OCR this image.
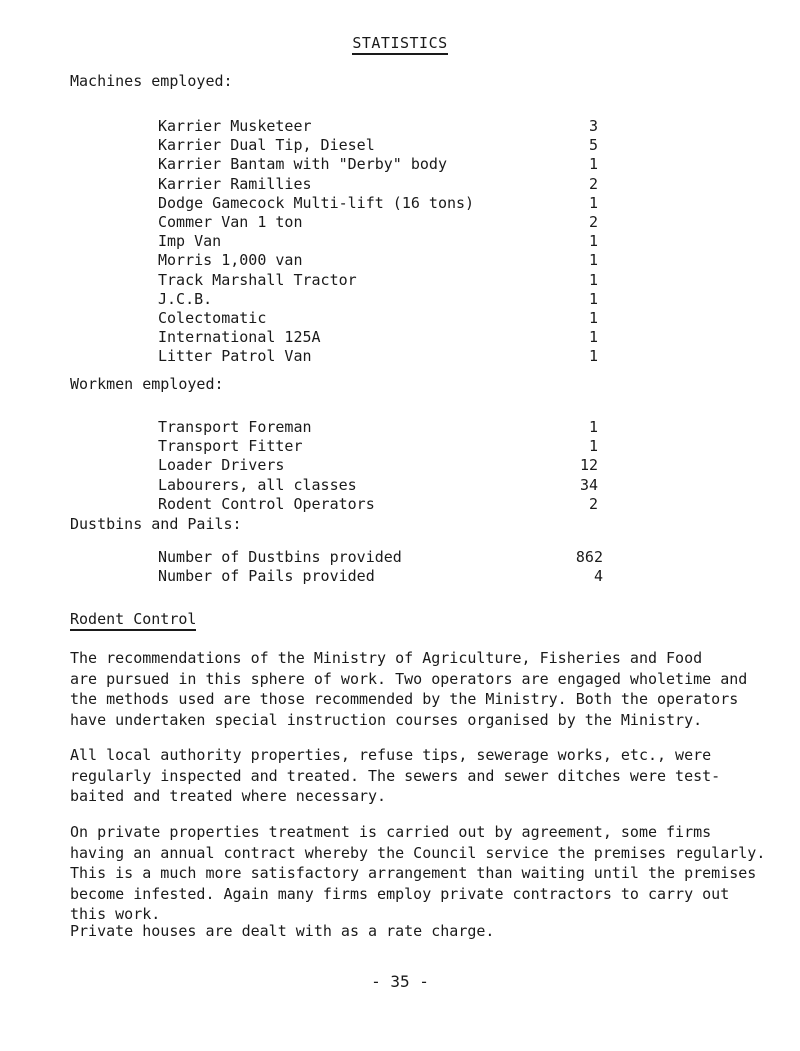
STATISTICS
Machines employed:
Karrier Musketeer	3
Karrier Dual Tip, Diesel	5
Karrier Bantam with "Derby" body	1
Karrier Ramillies	2
Dodge Gamecock Multi-lift (16 tons)	1
Commer Van 1 ton	2
Imp Van	1
Morris 1,000 van	1
Track Marshall Tractor	1
J.C.B.	1
Colectomatic	1
International 125A	1
Litter Patrol Van	1
Workmen employed:
Transport Foreman	1
Transport Fitter	1
Loader Drivers	12
Labourers, all classes	34
Rodent Control Operators	2
Dustbins and Pails:
Number of Dustbins provided	862
Number of Pails provided	4
Rodent Control

The recommendations of the Ministry of Agriculture, Fisheries and Food
are pursued in this sphere of work. Two operators are engaged wholetime and
the methods used are those recommended by the Ministry. Both the operators
have undertaken special instruction courses organised by the Ministry.

All local authority properties, refuse tips, sewerage works, etc., were
regularly inspected and treated. The sewers and sewer ditches were test-
baited and treated where necessary.

On private properties treatment is carried out by agreement, some firms
having an annual contract whereby the Council service the premises regularly.
This is a much more satisfactory arrangement than waiting until the premises
become infested. Again many firms employ private contractors to carry out
this work.

Private houses are dealt with as a rate charge.

- 35 -
